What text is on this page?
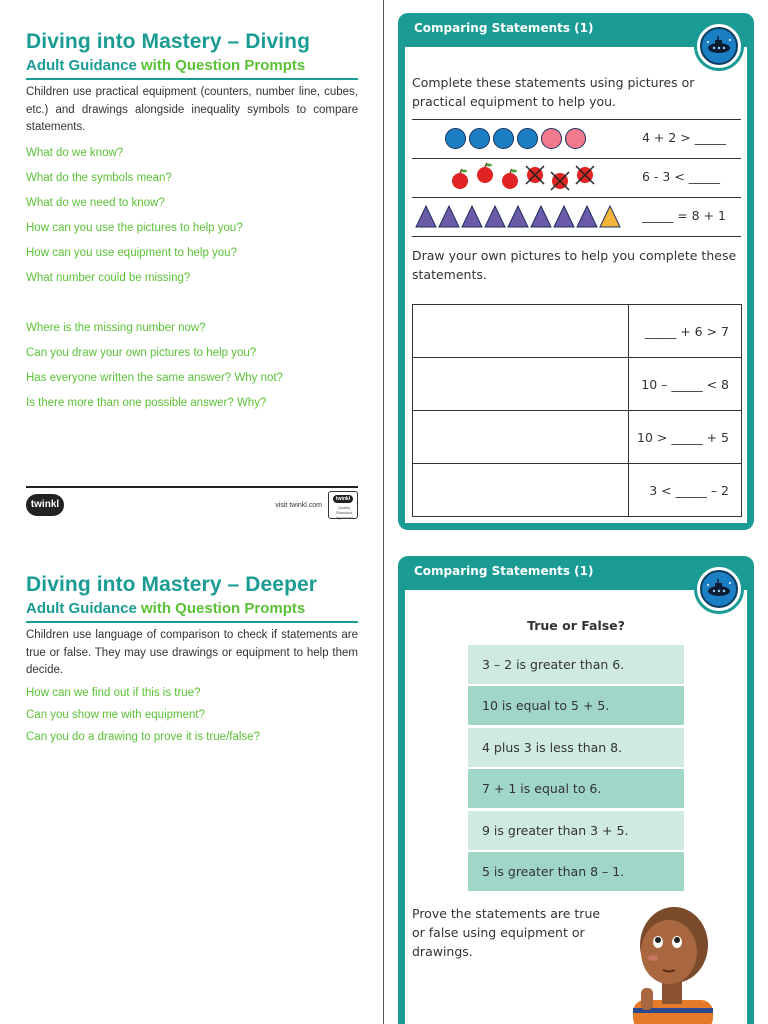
Diving into Mastery – Diving
Adult Guidance with Question Prompts
Children use practical equipment (counters, number line, cubes, etc.) and drawings alongside inequality symbols to compare statements.
What do we know?
What do the symbols mean?
What do we need to know?
How can you use the pictures to help you?
How can you use equipment to help you?
What number could be missing?
Where is the missing number now?
Can you draw your own pictures to help you?
Has everyone written the same answer? Why not?
Is there more than one possible answer? Why?
twinkl	visit twinkl.com
twinkl
Quality Standard Approved
Diving into Mastery – Deeper
Adult Guidance with Question Prompts
Children use language of comparison to check if statements are true or false. They may use drawings or equipment to help them decide.
How can we find out if this is true?
Can you show me with equipment?
Can you do a drawing to prove it is true/false?
Comparing Statements (1)
Complete these statements using pictures or practical equipment to help you.
4 + 2 > _____
6 - 3 < _____
_____ = 8 + 1
Draw your own pictures to help you complete these statements.
	_____ + 6 > 7
	10 – _____ < 8
	10 > _____ + 5
	3 < _____ – 2
Comparing Statements (1)
True or False?
3 – 2 is greater than 6.
10 is equal to 5 + 5.
4 plus 3 is less than 8.
7 + 1 is equal to 6.
9 is greater than 3 + 5.
5 is greater than 8 – 1.
Prove the statements are true or false using equipment or drawings.
